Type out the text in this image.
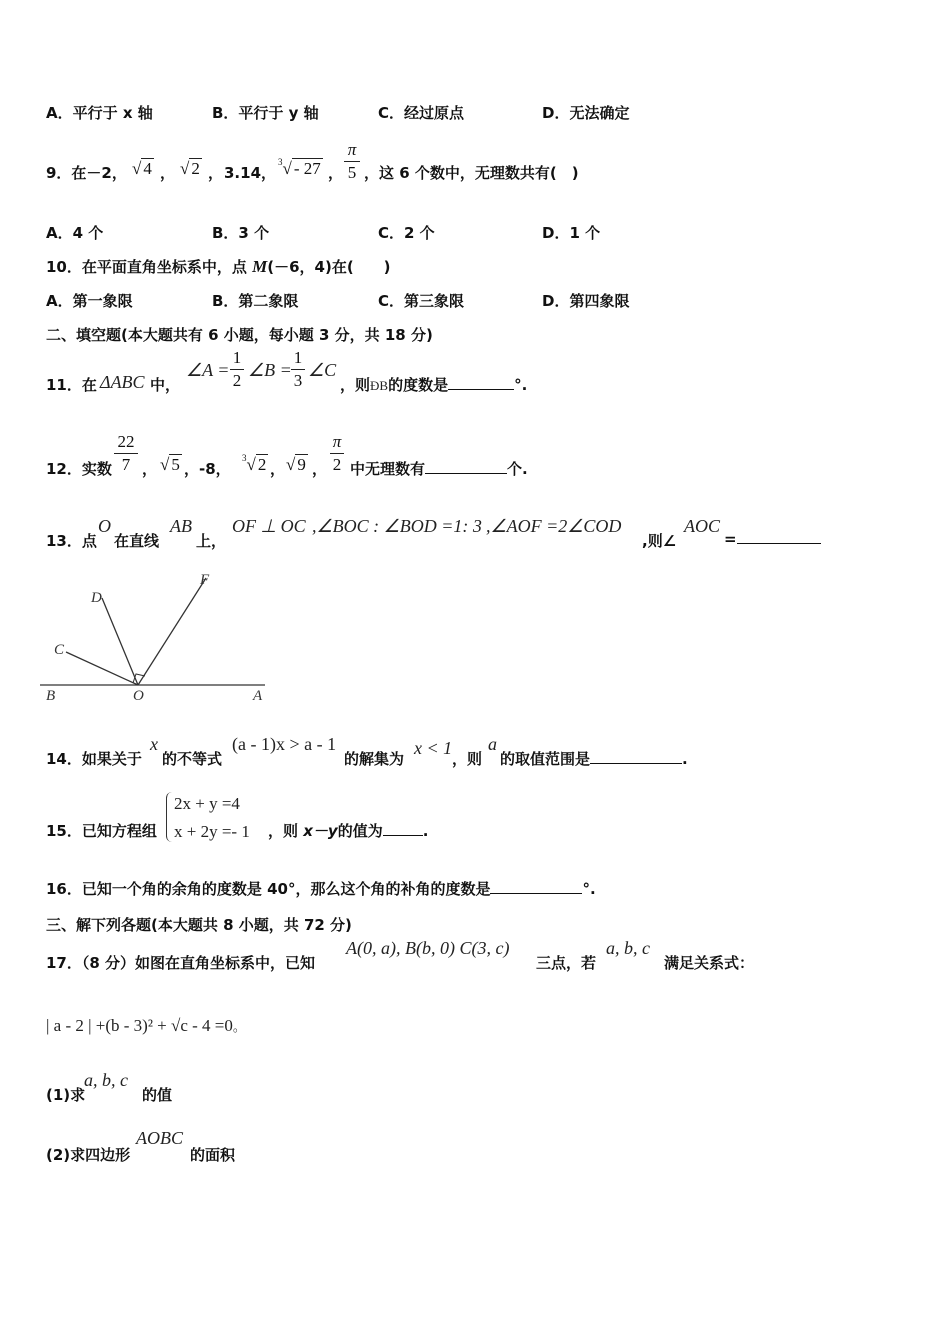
A．平行于 x 轴	B．平行于 y 轴	C．经过原点	D．无法确定
9．在－2， √ 4 ， √ 2 ， 3.14，
$^3$√ - 27 ，
π
5 ，这 6 个数中，无理数共有(　)
A．4 个	B．3 个	C．2 个	D．1 个
10．在平面直角坐标系中，点 M(－6，4)在(　　)
A．第一象限	B．第二象限	C．第三象限	D．第四象限
二、填空题(本大题共有 6 小题，每小题 3 分，共 18 分)
11．在 ΔABC 中，
∠A =
1
2
∠B =
1
3
∠C
，则ÐB的度数是	°.
12．实数
22
7 ， √ 5 ，-8，
$^3$√ 2 ， √ 9 ，
π
2 中无理数有	个.
13．点
O
在直线
AB
上，
OF ⊥ OC ,∠BOC : ∠BOD =1: 3 ,∠AOF =2∠COD
,则∠
AOC
=
D
F
C
B	O	A
14．如果关于
x
的不等式
(a - 1)x > a - 1
的解集为
x < 1
，则
a
的取值范围是	.
15．已知方程组
2x + y =4
x + 2y =- 1 ，则 x－y的值为	.
16．已知一个角的余角的度数是 40°，那么这个角的补角的度数是	°.
三、解下列各题(本大题共 8 小题，共 72 分)
17．（8 分）如图在直角坐标系中，已知
A(0, a), B(b, 0) C(3, c)
三点，若
a, b, c
满足关系式：
| a - 2 | +(b - 3)² + √c - 4 =0。
(1)求
a, b, c
的值
(2)求四边形
AOBC
的面积
